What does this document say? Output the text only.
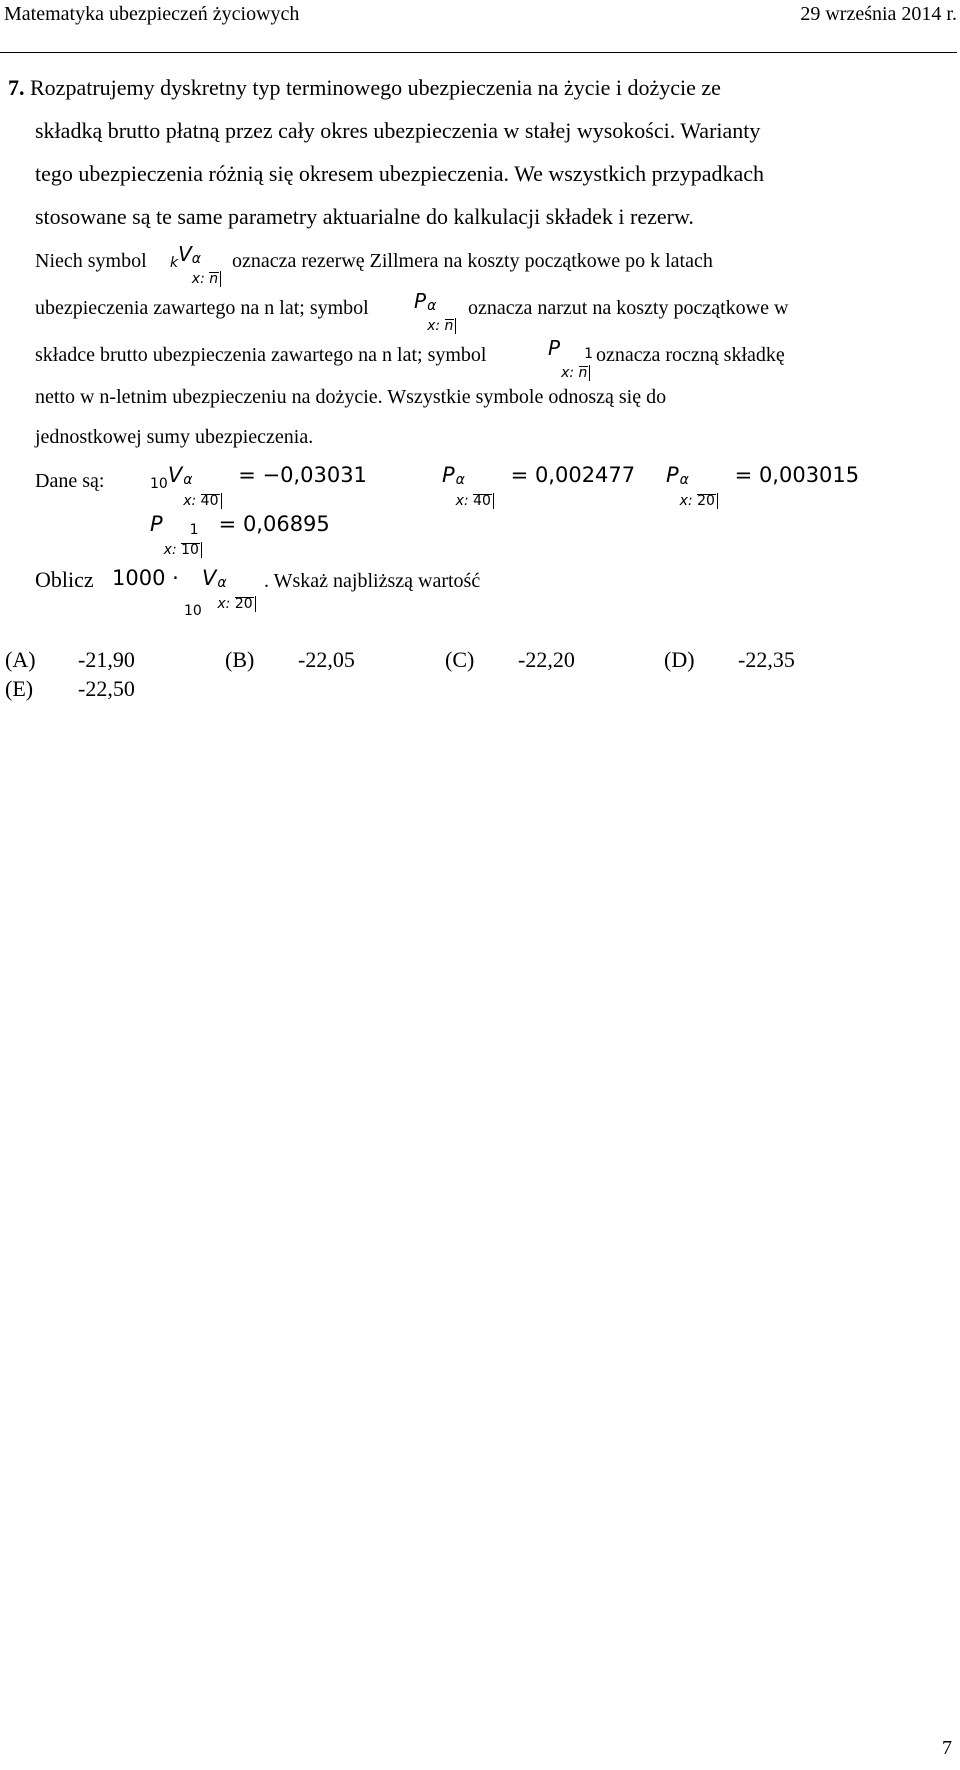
Matematyka ubezpieczeń życiowych	29 września 2014 r.
7. Rozpatrujemy dyskretny typ terminowego ubezpieczenia na życie i dożycie ze
składką brutto płatną przez cały okres ubezpieczenia w stałej wysokości. Warianty
tego ubezpieczenia różnią się okresem ubezpieczenia. We wszystkich przypadkach
stosowane są te same parametry aktuarialne do kalkulacji składek i rezerw.
Niech symbol $_k$V α
x: n
oznacza rezerwę Zillmera na koszty początkowe po k latach
ubezpieczenia zawartego na n lat; symbol P α
x: n
oznacza narzut na koszty początkowe w
składce brutto ubezpieczenia zawartego na n lat; symbol	P 1
x: n
oznacza roczną składkę
netto w n-letnim ubezpieczeniu na dożycie. Wszystkie symbole odnoszą się do
jednostkowej sumy ubezpieczenia.
Dane są:	$_{10}$V α
x: 40
= −0,03031	P α
x: 40
= 0,002477 P α
x: 20
= 0,003015
P 1
x: 10
= 0,06895
Oblicz 1000 ·
10
V α
x: 20
. Wskaż najbliższą wartość
(A) -21,90	(B) -22,05	(C) -22,20	(D) -22,35
(E) -22,50
7
